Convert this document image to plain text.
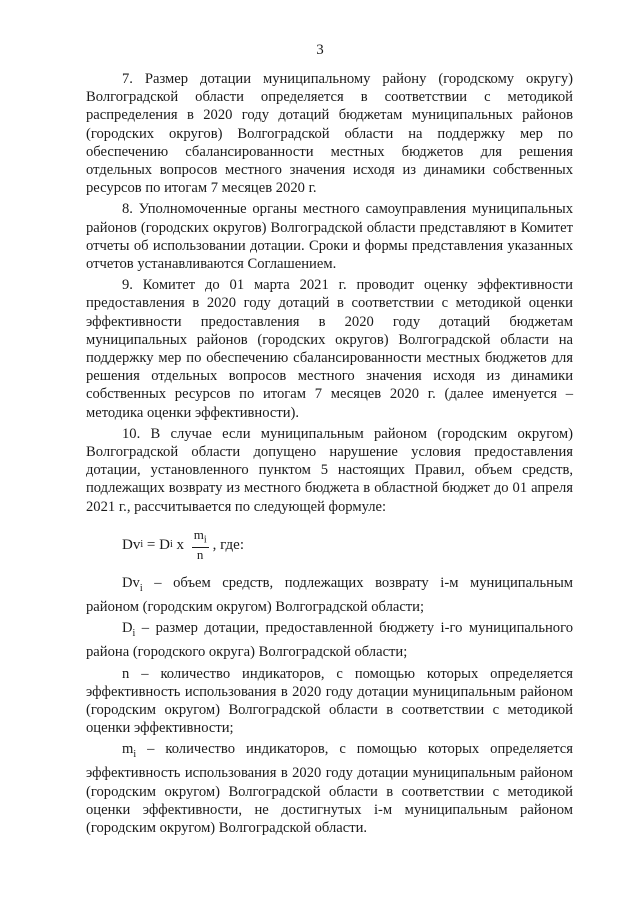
3

7. Размер дотации муниципальному району (городскому округу) Волгоградской области определяется в соответствии с методикой распределения в 2020 году дотаций бюджетам муниципальных районов (городских округов) Волгоградской области на поддержку мер по обеспечению сбалансированности местных бюджетов для решения отдельных вопросов местного значения исходя из динамики собственных ресурсов по итогам 7 месяцев 2020 г.

8. Уполномоченные органы местного самоуправления муниципальных районов (городских округов) Волгоградской области представляют в Комитет отчеты об использовании дотации. Сроки и формы представления указанных отчетов устанавливаются Соглашением.

9. Комитет до 01 марта 2021 г. проводит оценку эффективности предоставления в 2020 году дотаций в соответствии с методикой оценки эффективности предоставления в 2020 году дотаций бюджетам муниципальных районов (городских округов) Волгоградской области на поддержку мер по обеспечению сбалансированности местных бюджетов для решения отдельных вопросов местного значения исходя из динамики собственных ресурсов по итогам 7 месяцев 2020 г. (далее именуется – методика оценки эффективности).

10. В случае если муниципальным районом (городским округом) Волгоградской области допущено нарушение условия предоставления дотации, установленного пунктом 5 настоящих Правил, объем средств, подлежащих возврату из местного бюджета в областной бюджет до 01 апреля 2021 г., рассчитывается по следующей формуле:

Dv i = D i x $\frac{m_i}{n}$ , где:

$Dv_i$ – объем средств, подлежащих возврату i-м муниципальным районом (городским округом) Волгоградской области;

$D_i$ – размер дотации, предоставленной бюджету i-го муниципального района (городского округа) Волгоградской области;

n – количество индикаторов, с помощью которых определяется эффективность использования в 2020 году дотации муниципальным районом (городским округом) Волгоградской области в соответствии с методикой оценки эффективности;

$m_i$ – количество индикаторов, с помощью которых определяется эффективность использования в 2020 году дотации муниципальным районом (городским округом) Волгоградской области в соответствии с методикой оценки эффективности, не достигнутых i-м муниципальным районом (городским округом) Волгоградской области.
